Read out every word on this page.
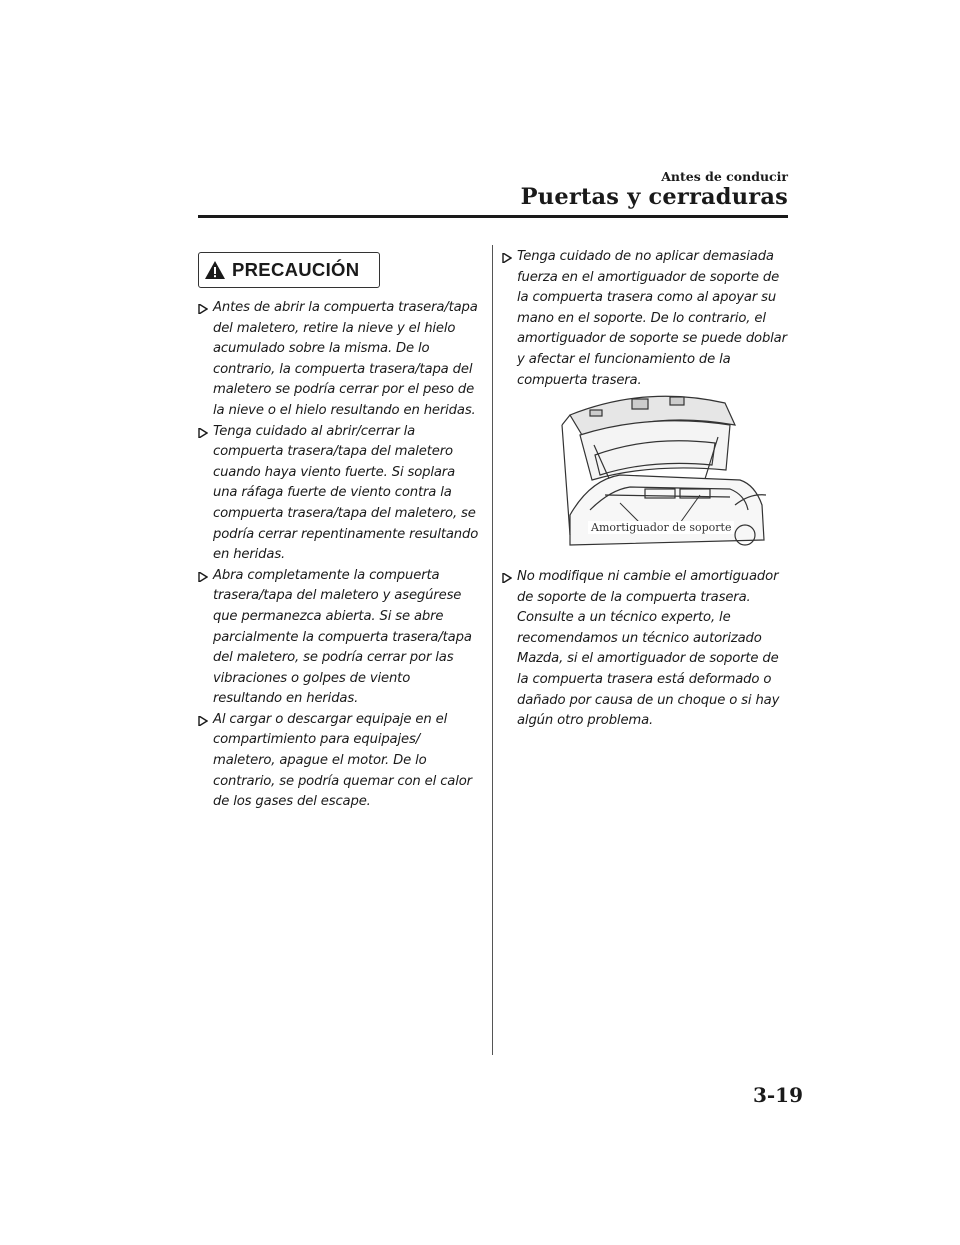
Antes de conducir
Puertas y cerraduras
PRECAUCIÓN
Antes de abrir la compuerta trasera/tapa del maletero, retire la nieve y el hielo acumulado sobre la misma. De lo contrario, la compuerta trasera/tapa del maletero se podría cerrar por el peso de la nieve o el hielo resultando en heridas.
Tenga cuidado al abrir/cerrar la compuerta trasera/tapa del maletero cuando haya viento fuerte. Si soplara una ráfaga fuerte de viento contra la compuerta trasera/tapa del maletero, se podría cerrar repentinamente resultando en heridas.
Abra completamente la compuerta trasera/tapa del maletero y asegúrese que permanezca abierta. Si se abre parcialmente la compuerta trasera/tapa del maletero, se podría cerrar por las vibraciones o golpes de viento resultando en heridas.
Al cargar o descargar equipaje en el compartimiento para equipajes/ maletero, apague el motor. De lo contrario, se podría quemar con el calor de los gases del escape.
Tenga cuidado de no aplicar demasiada fuerza en el amortiguador de soporte de la compuerta trasera como al apoyar su mano en el soporte. De lo contrario, el amortiguador de soporte se puede doblar y afectar el funcionamiento de la compuerta trasera.
Amortiguador de soporte
No modifique ni cambie el amortiguador de soporte de la compuerta trasera. Consulte a un técnico experto, le recomendamos un técnico autorizado Mazda, si el amortiguador de soporte de la compuerta trasera está deformado o dañado por causa de un choque o si hay algún otro problema.
3-19
